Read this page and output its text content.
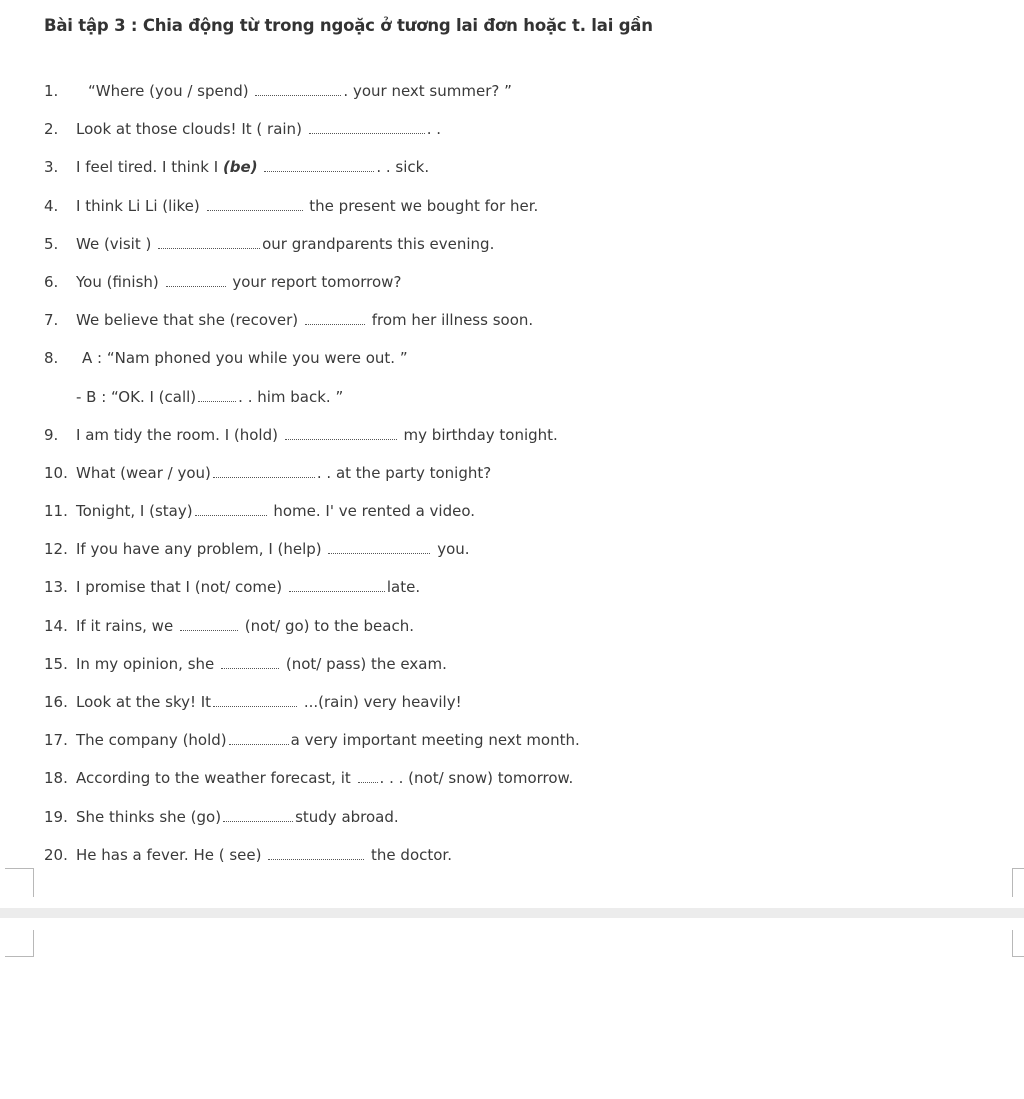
Bài tập 3 : Chia động từ trong ngoặc ở tương lai đơn hoặc t. lai gần
1. “Where (you / spend)	. your next summer? ”
2. Look at those clouds! It ( rain)	. .
3. I feel tired. I think I (be)	. . sick.
4. I think Li Li (like)	the present we bought for her.
5. We (visit )	our grandparents this evening.
6. You (finish)	your report tomorrow?
7. We believe that she (recover)	from her illness soon.
8. A : “Nam phoned you while you were out. ”
- B : “OK. I (call)	. . him back. ”
9. I am tidy the room. I (hold)	my birthday tonight.
10. What (wear / you)	. . at the party tonight?
11. Tonight, I (stay)	home. I' ve rented a video.
12. If you have any problem, I (help)	you.
13. I promise that I (not/ come)	late.
14. If it rains, we	(not/ go) to the beach.
15. In my opinion, she	(not/ pass) the exam.
16. Look at the sky! It	...(rain) very heavily!
17. The company (hold)	a very important meeting next month.
18. According to the weather forecast, it . . . (not/ snow) tomorrow.
19. She thinks she (go)	study abroad.
20. He has a fever. He ( see)	the doctor.
